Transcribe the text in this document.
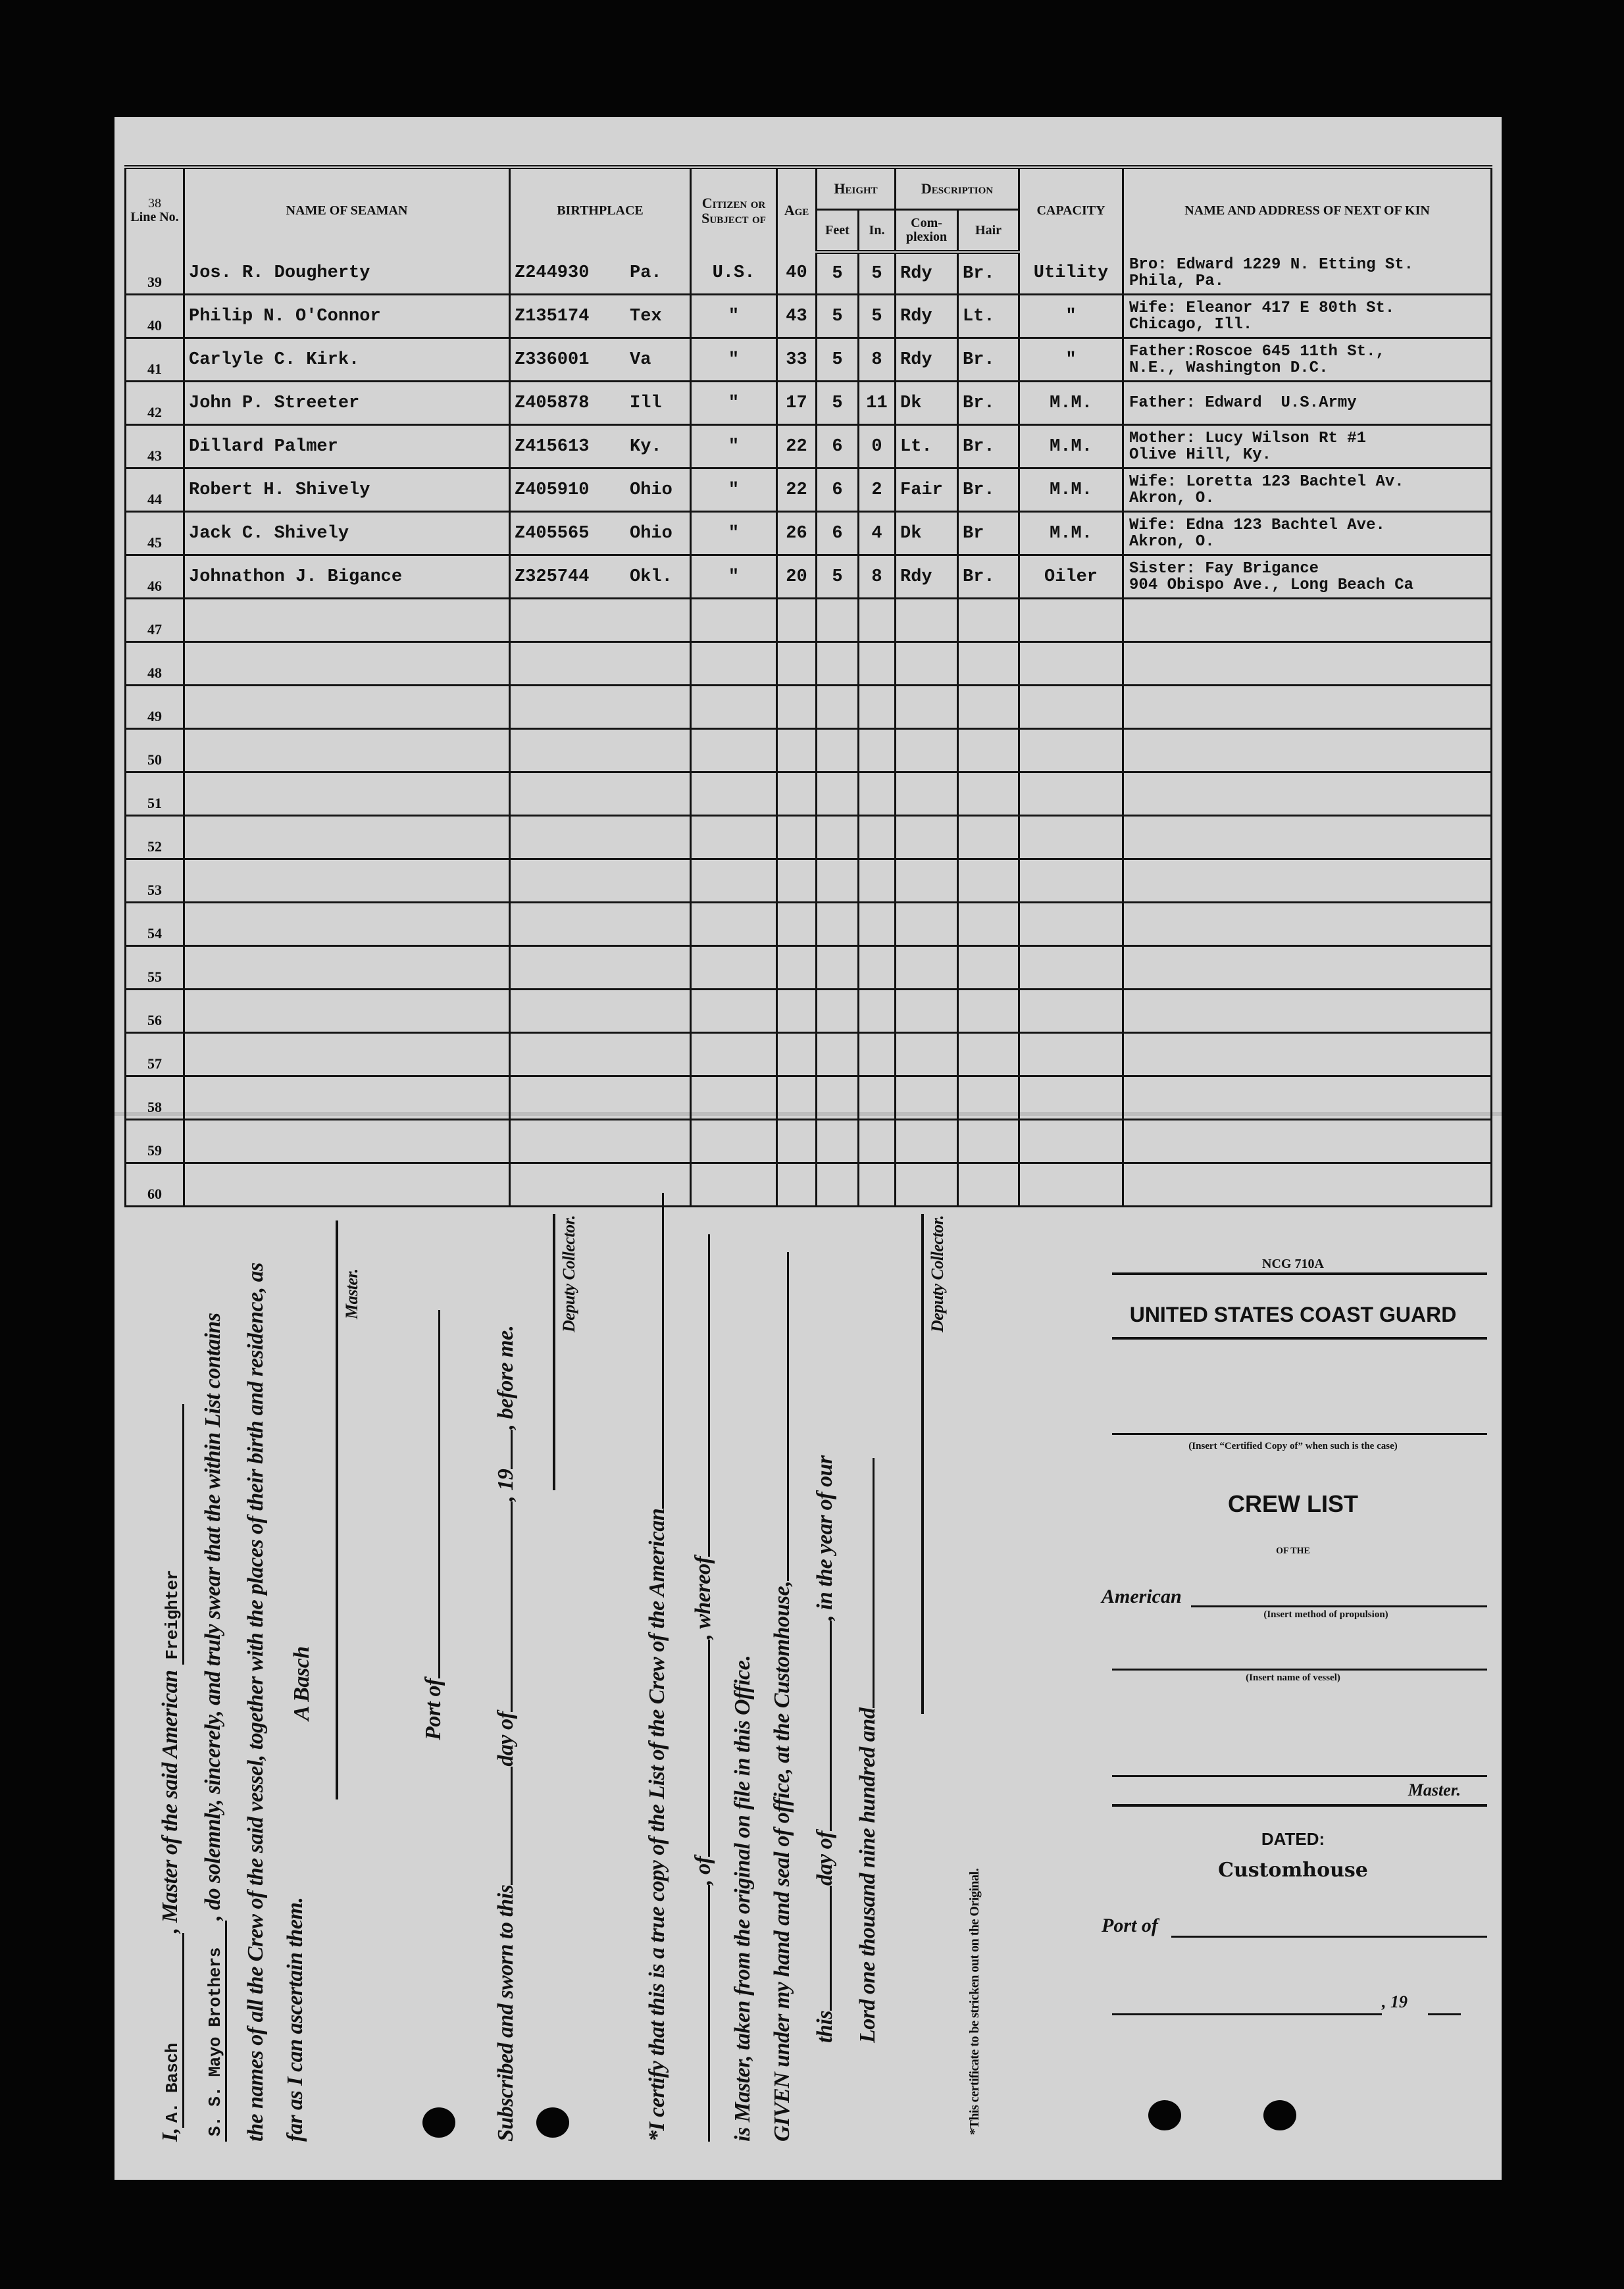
38
Line No.	NAME OF SEAMAN	BIRTHPLACE	Citizen or Subject of	Age	Height		Description		CAPACITY	NAME AND ADDRESS OF NEXT OF KIN
					Feet	In.	Com-plexion	Hair		
39	Jos. R. Dougherty	Z244930 Pa.	U.S.	40	5	5	Rdy	Br.	Utility	Bro: Edward 1229 N. Etting St.
Phila, Pa.
40	Philip N. O'Connor	Z135174 Tex	"	43	5	5	Rdy	Lt.	"	Wife: Eleanor 417 E 80th St.
Chicago, Ill.
41	Carlyle C. Kirk.	Z336001 Va	"	33	5	8	Rdy	Br.	"	Father:Roscoe 645 11th St.,
N.E., Washington D.C.
42	John P. Streeter	Z405878 Ill	"	17	5	11	Dk	Br.	M.M.	Father: Edward  U.S.Army
43	Dillard Palmer	Z415613 Ky.	"	22	6	0	Lt.	Br.	M.M.	Mother: Lucy Wilson Rt #1
Olive Hill, Ky.
44	Robert H. Shively	Z405910 Ohio	"	22	6	2	Fair	Br.	M.M.	Wife: Loretta 123 Bachtel Av.
Akron, O.
45	Jack C. Shively	Z405565 Ohio	"	26	6	4	Dk	Br	M.M.	Wife: Edna 123 Bachtel Ave.
Akron, O.
46	Johnathon J. Bigance	Z325744 Okl.	"	20	5	8	Rdy	Br.	Oiler	Sister: Fay Brigance
904 Obispo Ave., Long Beach Ca
47										
48										
49										
50										
51										
52										
53										
54										
55										
56										
57										
58										
59										
60										
I,A. Basch, Master of the said American Freighter
S. S. Mayo Brothers, do solemnly, sincerely, and truly swear that the within List contains the names of all the Crew of the said vessel, together with the places of their birth and residence, as far as I can ascertain them.
A Basch
Master.
Port of
Subscribed and sworn to thisday of, 19, before me.
Deputy Collector.
*I certify that this is a true copy of the List of the Crew of the American , of, whereof
is Master, taken from the original on file in this Office. GIVEN under my hand and seal of office, at the Customhouse, thisday of, in the year of our
Lord one thousand nine hundred and
Deputy Collector.
*This certificate to be stricken out on the Original.
NCG 710A
UNITED STATES COAST GUARD
(Insert “Certified Copy of” when such is the case)
CREW LIST
OF THE
American
(Insert method of propulsion)
(Insert name of vessel)
Master.
DATED:
Customhouse
Port of
, 19
